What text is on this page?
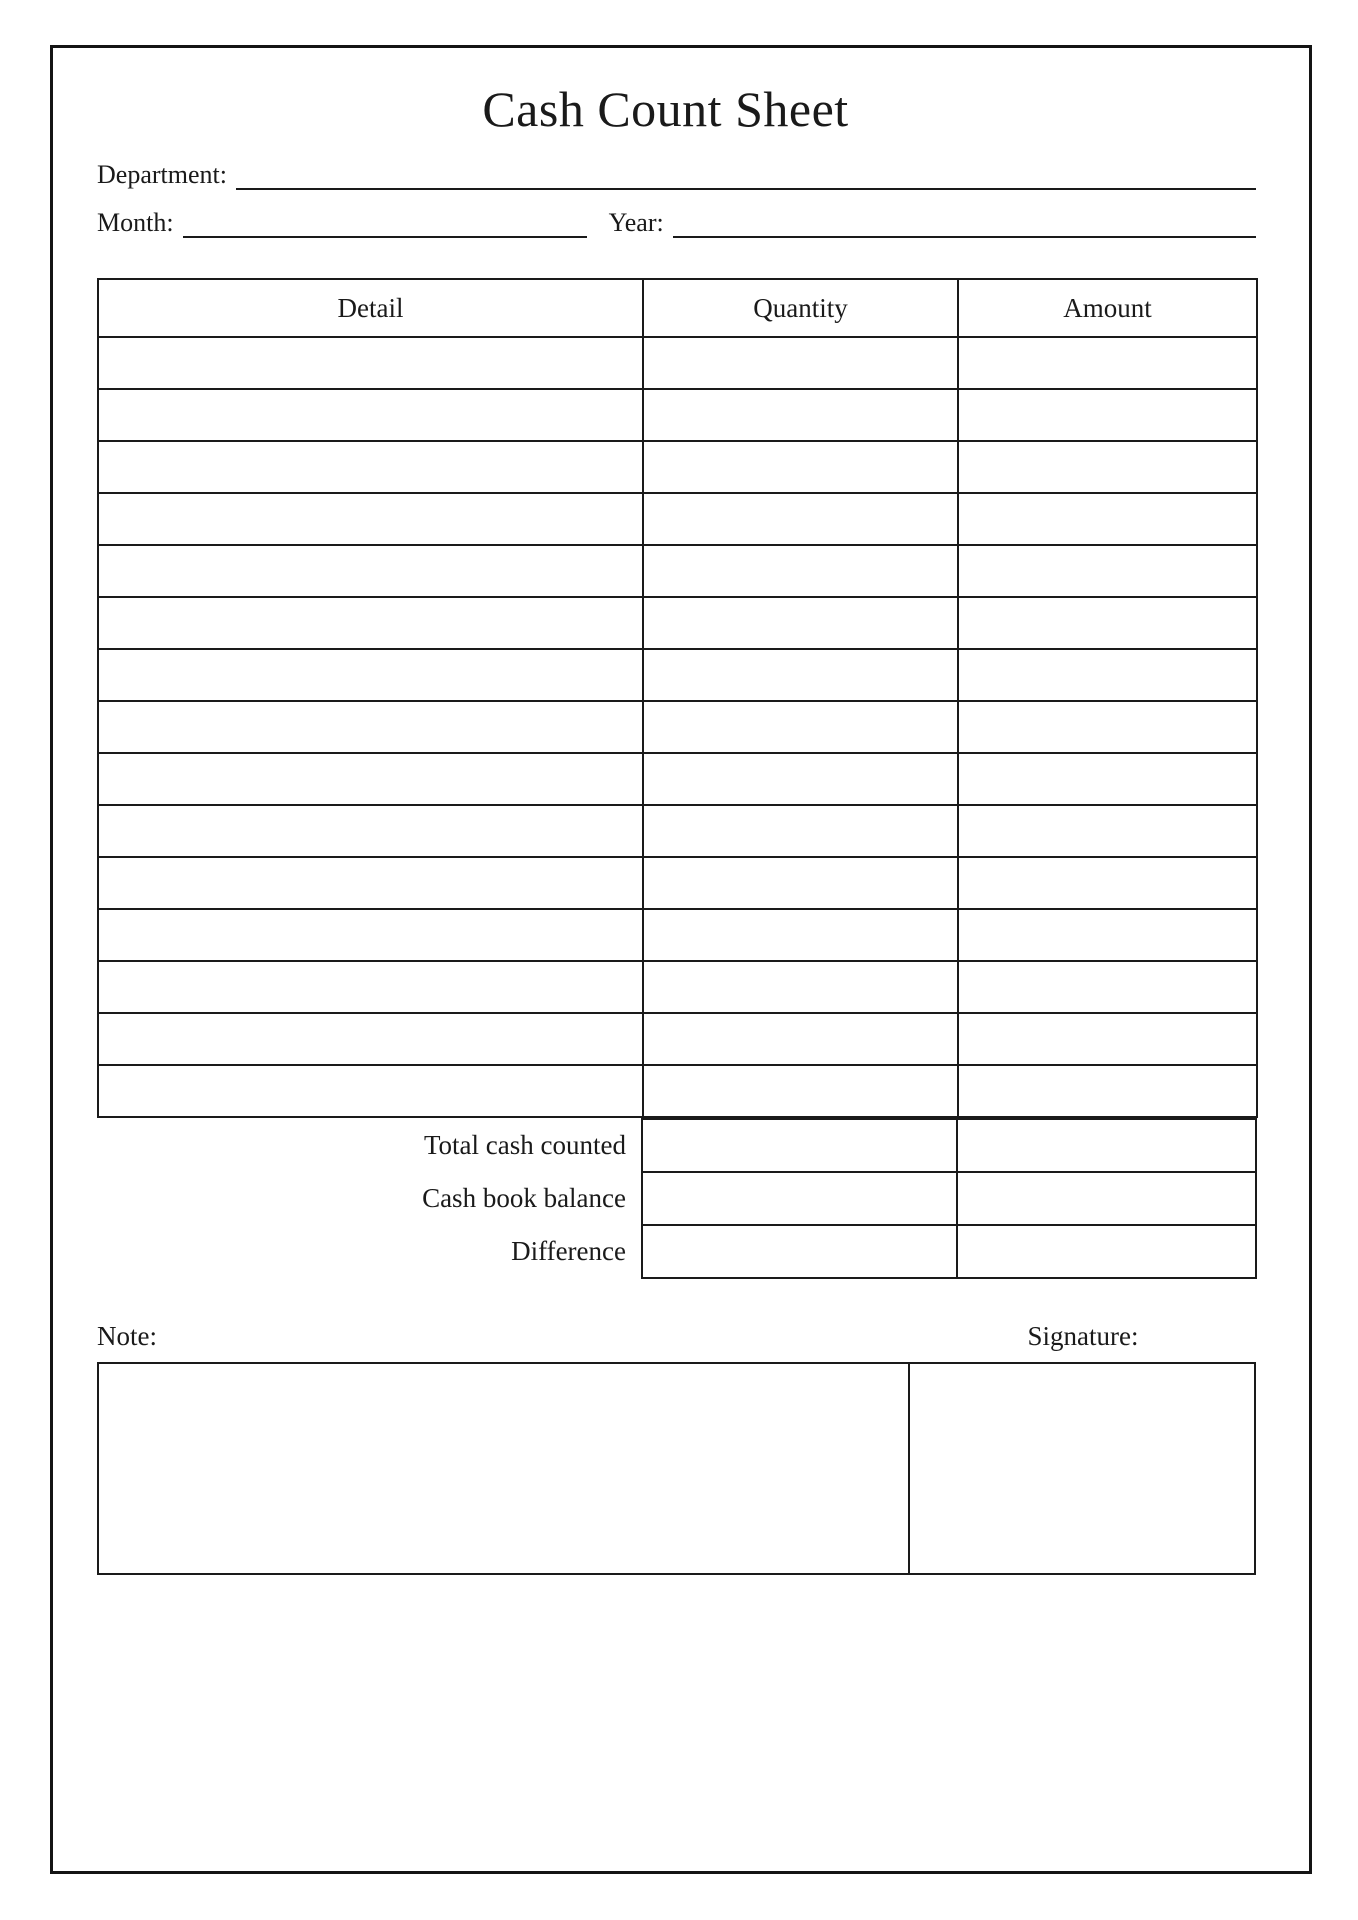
Cash Count Sheet
Department:
Month:	Year:
Detail	Quantity	Amount

Total cash counted		
Cash book balance		
Difference		
Note:	Signature:
